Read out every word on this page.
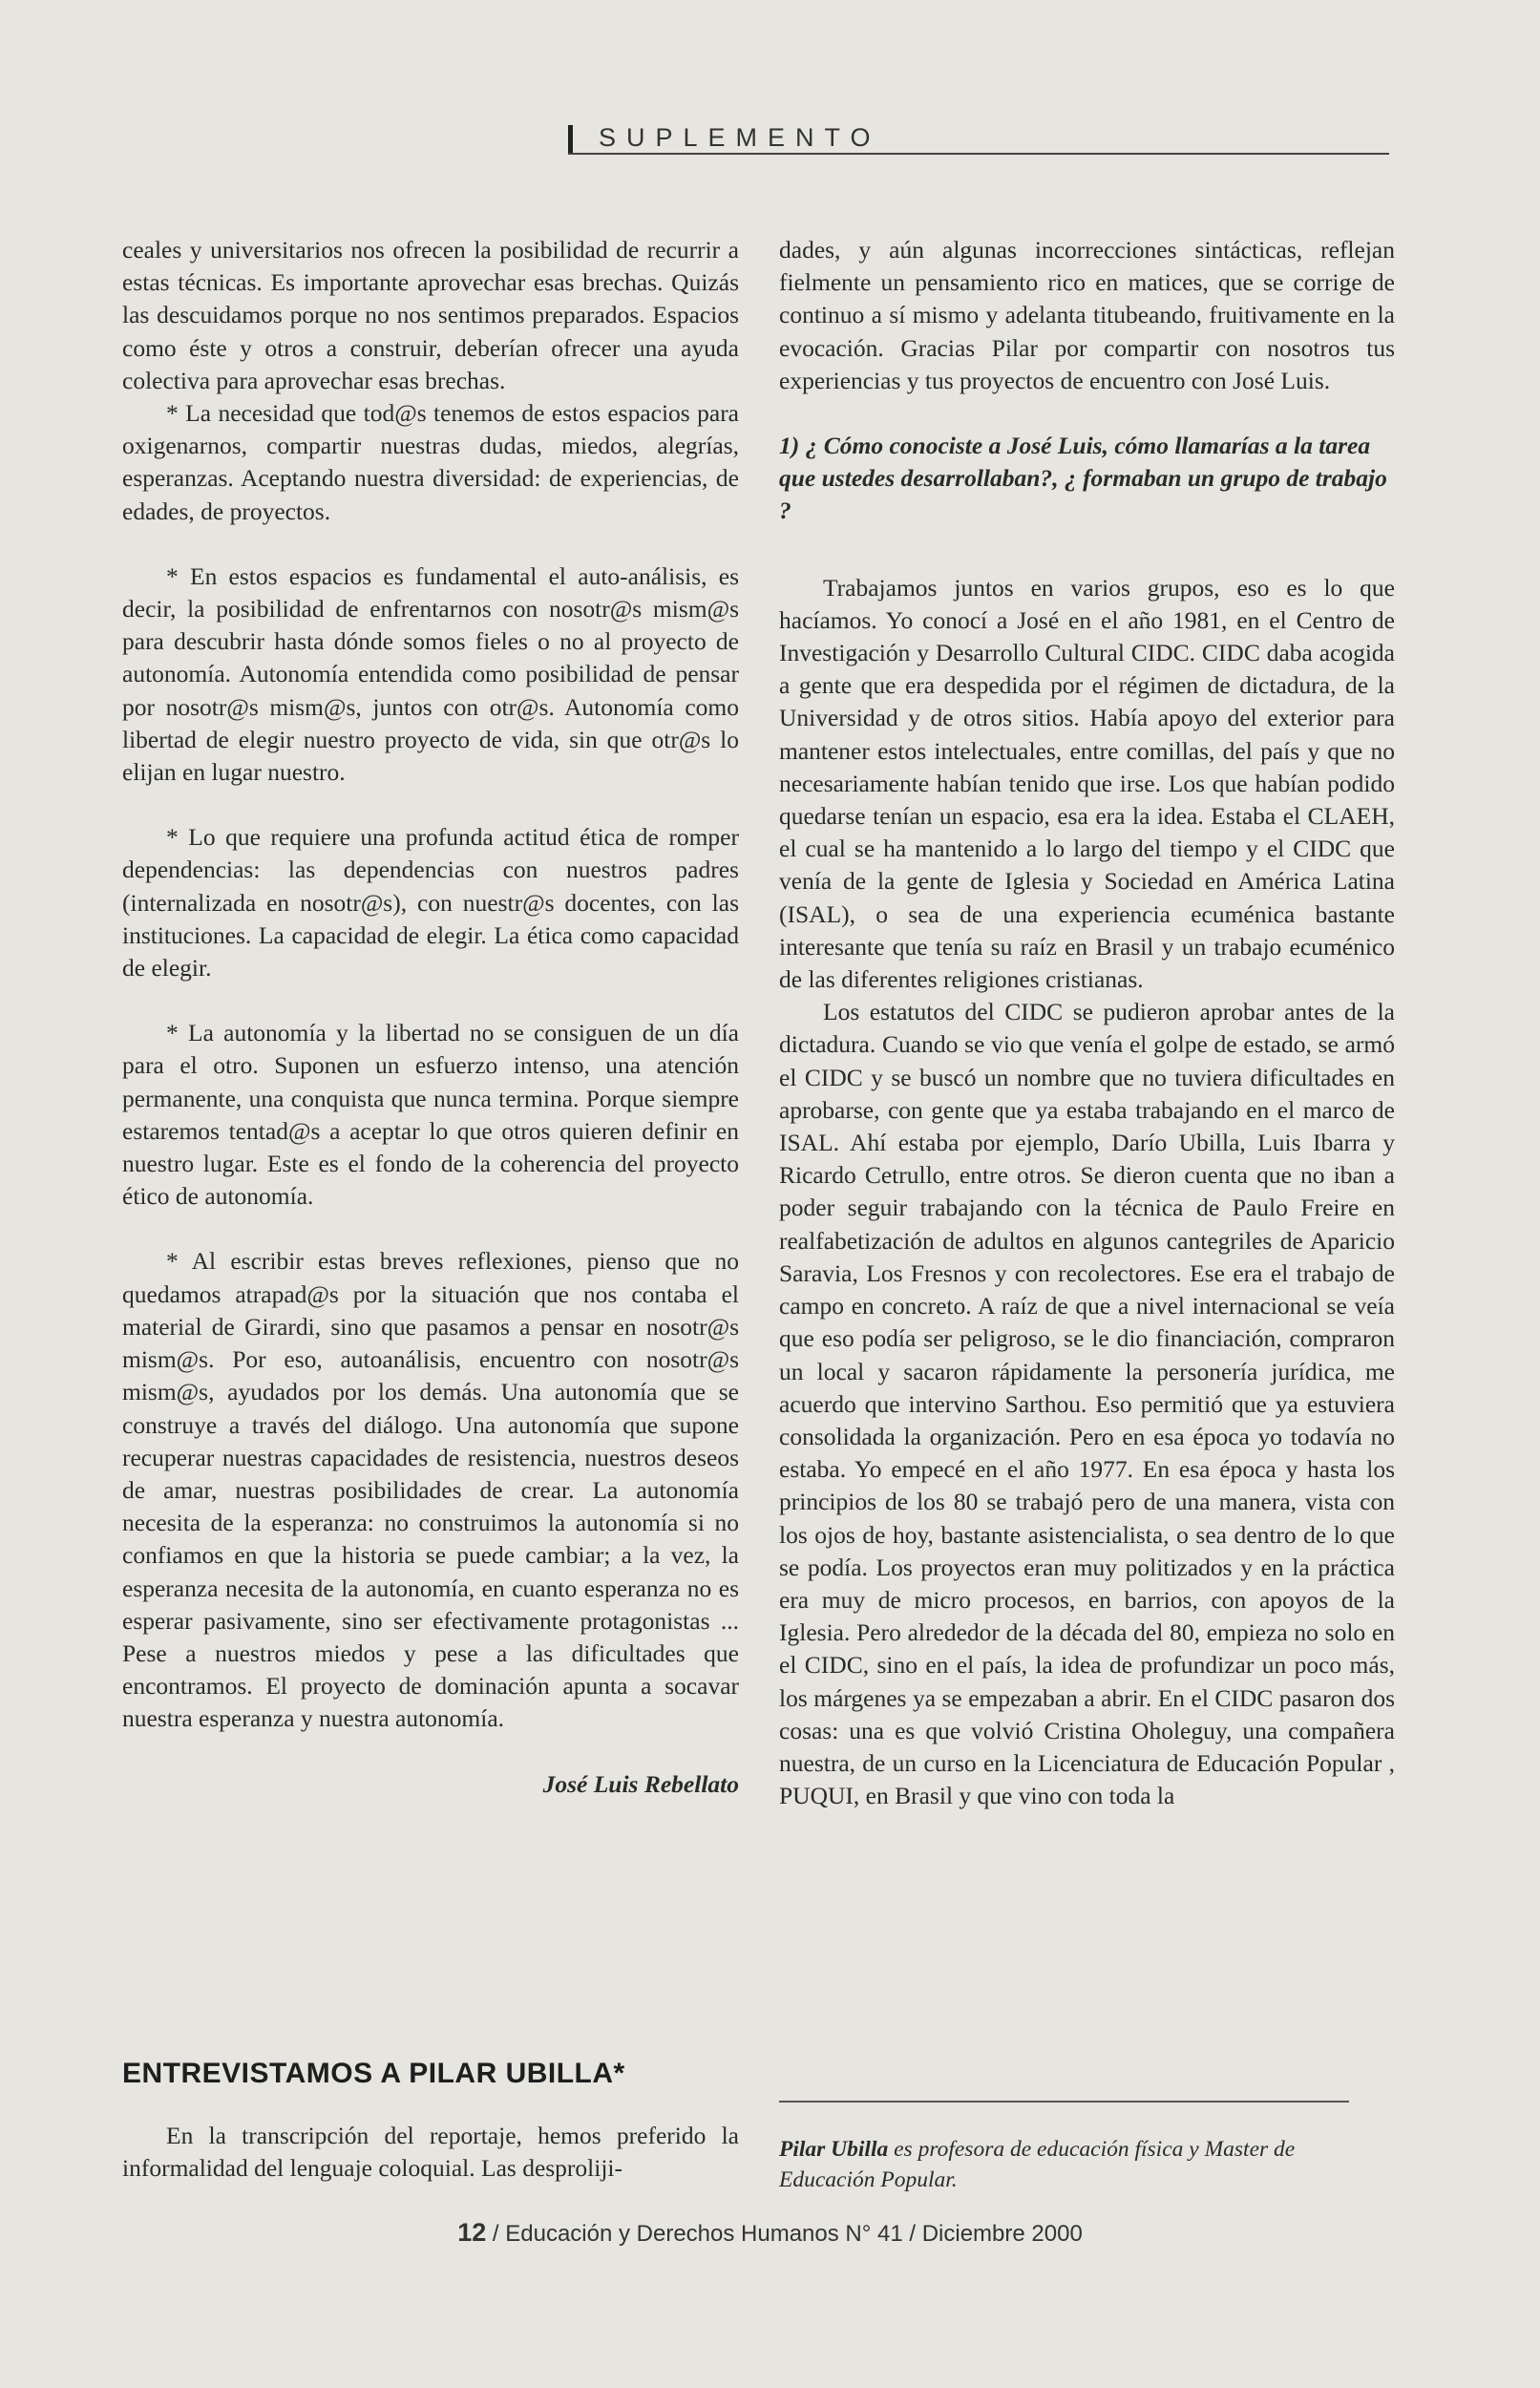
SUPLEMENTO

ceales y universitarios nos ofrecen la posibilidad de recurrir a estas técnicas. Es importante aprovechar esas brechas. Quizás las descuidamos porque no nos sentimos preparados. Espacios como éste y otros a construir, deberían ofrecer una ayuda colectiva para aprovechar esas brechas.

* La necesidad que tod@s tenemos de estos espacios para oxigenarnos, compartir nuestras dudas, miedos, alegrías, esperanzas. Aceptando nuestra diversidad: de experiencias, de edades, de proyectos.

* En estos espacios es fundamental el auto-análisis, es decir, la posibilidad de enfrentarnos con nosotr@s mism@s para descubrir hasta dónde somos fieles o no al proyecto de autonomía. Autonomía entendida como posibilidad de pensar por nosotr@s mism@s, juntos con otr@s. Autonomía como libertad de elegir nuestro proyecto de vida, sin que otr@s lo elijan en lugar nuestro.

* Lo que requiere una profunda actitud ética de romper dependencias: las dependencias con nuestros padres (internalizada en nosotr@s), con nuestr@s docentes, con las instituciones. La capacidad de elegir. La ética como capacidad de elegir.

* La autonomía y la libertad no se consiguen de un día para el otro. Suponen un esfuerzo intenso, una atención permanente, una conquista que nunca termina. Porque siempre estaremos tentad@s a aceptar lo que otros quieren definir en nuestro lugar. Este es el fondo de la coherencia del proyecto ético de autonomía.

* Al escribir estas breves reflexiones, pienso que no quedamos atrapad@s por la situación que nos contaba el material de Girardi, sino que pasamos a pensar en nosotr@s mism@s. Por eso, autoanálisis, encuentro con nosotr@s mism@s, ayudados por los demás. Una autonomía que se construye a través del diálogo. Una autonomía que supone recuperar nuestras capacidades de resistencia, nuestros deseos de amar, nuestras posibilidades de crear. La autonomía necesita de la esperanza: no construimos la autonomía si no confiamos en que la historia se puede cambiar; a la vez, la esperanza necesita de la autonomía, en cuanto esperanza no es esperar pasivamente, sino ser efectivamente protagonistas ... Pese a nuestros miedos y pese a las dificultades que encontramos. El proyecto de dominación apunta a socavar nuestra esperanza y nuestra autonomía.

José Luis Rebellato

ENTREVISTAMOS A PILAR UBILLA*

En la transcripción del reportaje, hemos preferido la informalidad del lenguaje coloquial. Las desproliji-

dades, y aún algunas incorrecciones sintácticas, reflejan fielmente un pensamiento rico en matices, que se corrige de continuo a sí mismo y adelanta titubeando, fruitivamente en la evocación. Gracias Pilar por compartir con nosotros tus experiencias y tus proyectos de encuentro con José Luis.

1) ¿ Cómo conociste a José Luis, cómo llamarías a la tarea que ustedes desarrollaban?, ¿ formaban un grupo de trabajo ?

Trabajamos juntos en varios grupos, eso es lo que hacíamos. Yo conocí a José en el año 1981, en el Centro de Investigación y Desarrollo Cultural CIDC. CIDC daba acogida a gente que era despedida por el régimen de dictadura, de la Universidad y de otros sitios. Había apoyo del exterior para mantener estos intelectuales, entre comillas, del país y que no necesariamente habían tenido que irse. Los que habían podido quedarse tenían un espacio, esa era la idea. Estaba el CLAEH, el cual se ha mantenido a lo largo del tiempo y el CIDC que venía de la gente de Iglesia y Sociedad en América Latina (ISAL), o sea de una experiencia ecuménica bastante interesante que tenía su raíz en Brasil y un trabajo ecuménico de las diferentes religiones cristianas.

Los estatutos del CIDC se pudieron aprobar antes de la dictadura. Cuando se vio que venía el golpe de estado, se armó el CIDC y se buscó un nombre que no tuviera dificultades en aprobarse, con gente que ya estaba trabajando en el marco de ISAL. Ahí estaba por ejemplo, Darío Ubilla, Luis Ibarra y Ricardo Cetrullo, entre otros. Se dieron cuenta que no iban a poder seguir trabajando con la técnica de Paulo Freire en realfabetización de adultos en algunos cantegriles de Aparicio Saravia, Los Fresnos y con recolectores. Ese era el trabajo de campo en concreto. A raíz de que a nivel internacional se veía que eso podía ser peligroso, se le dio financiación, compraron un local y sacaron rápidamente la personería jurídica, me acuerdo que intervino Sarthou. Eso permitió que ya estuviera consolidada la organización. Pero en esa época yo todavía no estaba. Yo empecé en el año 1977. En esa época y hasta los principios de los 80 se trabajó pero de una manera, vista con los ojos de hoy, bastante asistencialista, o sea dentro de lo que se podía. Los proyectos eran muy politizados y en la práctica era muy de micro procesos, en barrios, con apoyos de la Iglesia. Pero alrededor de la década del 80, empieza no solo en el CIDC, sino en el país, la idea de profundizar un poco más, los márgenes ya se empezaban a abrir. En el CIDC pasaron dos cosas: una es que volvió Cristina Oholeguy, una compañera nuestra, de un curso en la Licenciatura de Educación Popular , PUQUI, en Brasil y que vino con toda la

Pilar Ubilla es profesora de educación física y Master de Educación Popular.
12 / Educación y Derechos Humanos N° 41 / Diciembre 2000
